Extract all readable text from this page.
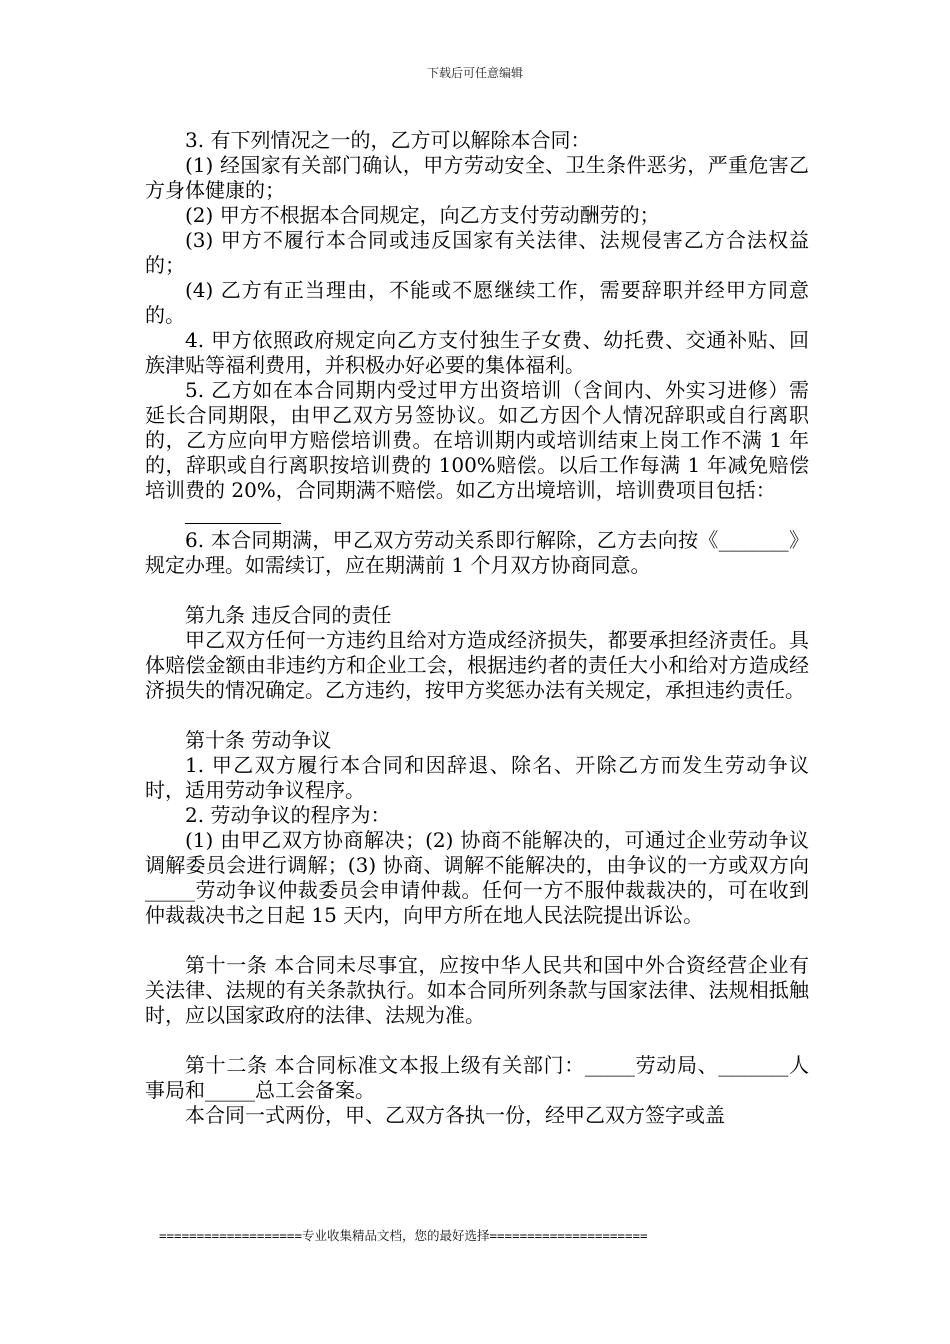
下载后可任意编辑

3. 有下列情况之一的，乙方可以解除本合同：

(1) 经国家有关部门确认，甲方劳动安全、卫生条件恶劣，严重危害乙方身体健康的；

(2) 甲方不根据本合同规定，向乙方支付劳动酬劳的；

(3) 甲方不履行本合同或违反国家有关法律、法规侵害乙方合法权益的；

(4) 乙方有正当理由，不能或不愿继续工作，需要辞职并经甲方同意的。

4. 甲方依照政府规定向乙方支付独生子女费、幼托费、交通补贴、回族津贴等福利费用，并积极办好必要的集体福利。

5. 乙方如在本合同期内受过甲方出资培训（含间内、外实习进修）需延长合同期限，由甲乙双方另签协议。如乙方因个人情况辞职或自行离职的，乙方应向甲方赔偿培训费。在培训期内或培训结束上岗工作不满 1 年的，辞职或自行离职按培训费的 100%赔偿。以后工作每满 1 年减免赔偿培训费的 20%，合同期满不赔偿。如乙方出境培训，培训费项目包括：

6. 本合同期满，甲乙双方劳动关系即行解除，乙方去向按《_______》规定办理。如需续订，应在期满前 1 个月双方协商同意。

第九条 违反合同的责任

甲乙双方任何一方违约且给对方造成经济损失，都要承担经济责任。具体赔偿金额由非违约方和企业工会，根据违约者的责任大小和给对方造成经济损失的情况确定。乙方违约，按甲方奖惩办法有关规定，承担违约责任。

第十条 劳动争议

1. 甲乙双方履行本合同和因辞退、除名、开除乙方而发生劳动争议时，适用劳动争议程序。

2. 劳动争议的程序为：

(1) 由甲乙双方协商解决；(2) 协商不能解决的，可通过企业劳动争议调解委员会进行调解；(3) 协商、调解不能解决的，由争议的一方或双方向_____劳动争议仲裁委员会申请仲裁。任何一方不服仲裁裁决的，可在收到仲裁裁决书之日起 15 天内，向甲方所在地人民法院提出诉讼。

第十一条 本合同未尽事宜，应按中华人民共和国中外合资经营企业有关法律、法规的有关条款执行。如本合同所列条款与国家法律、法规相抵触时，应以国家政府的法律、法规为准。

第十二条 本合同标准文本报上级有关部门：_____劳动局、_______人事局和_____总工会备案。

本合同一式两份，甲、乙双方各执一份，经甲乙双方签字或盖

===================专业收集精品文档，您的最好选择=====================
